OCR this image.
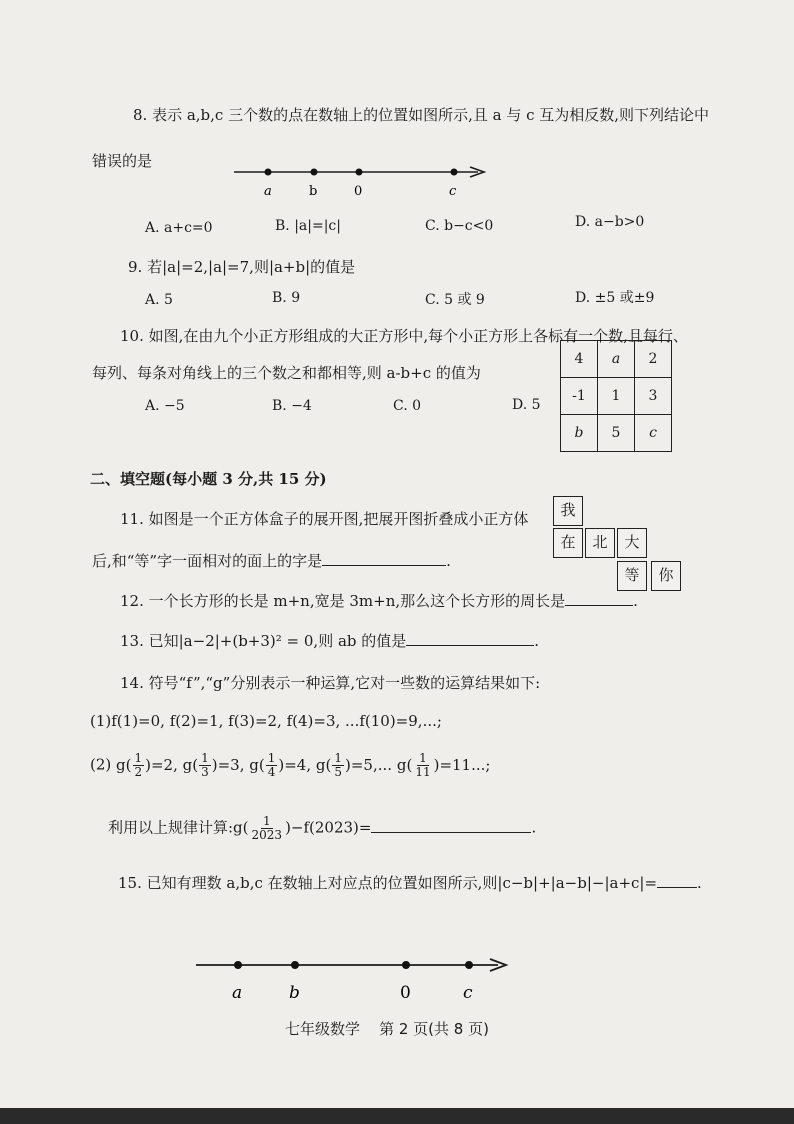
8. 表示 a,b,c 三个数的点在数轴上的位置如图所示,且 a 与 c 互为相反数,则下列结论中
错误的是
a	b	0	c
A. a+c=0	B. |a|=|c|	C. b−c<0	D. a−b>0
9. 若|a|=2,|a|=7,则|a+b|的值是
A. 5	B. 9	C. 5 或 9	D. ±5 或±9
10. 如图,在由九个小正方形组成的大正方形中,每个小正方形上各标有一个数,且每行、
每列、每条对角线上的三个数之和都相等,则 a-b+c 的值为
A. −5	B. −4	C. 0	D. 5
4	a	2
-1	1	3
b	5	c
二、填空题(每小题 3 分,共 15 分)
11. 如图是一个正方体盒子的展开图,把展开图折叠成小正方体
后,和“等”字一面相对的面上的字是	.
我
在	北	大
等	你
12. 一个长方形的长是 m+n,宽是 3m+n,那么这个长方形的周长是	.
13. 已知|a−2|+(b+3)² = 0,则 ab 的值是	.
14. 符号“f”,“g”分别表示一种运算,它对一些数的运算结果如下:
(1)f(1)=0, f(2)=1, f(3)=2, f(4)=3, ...f(10)=9,...;
(2) $g( \frac{1}{2} )=2$, $g( \frac{1}{3} )=3$, $g( \frac{1}{4} )=4$, $g( \frac{1}{5} )=5$,... $g( \frac{1}{11} )=11$...;
利用以上规律计算:g( $\frac{1}{2023} )-f(2023)=$	.
15. 已知有理数 a,b,c 在数轴上对应点的位置如图所示,则|c−b|+|a−b|−|a+c|=	.
a	b	0	c
七年级数学    第 2 页(共 8 页)
